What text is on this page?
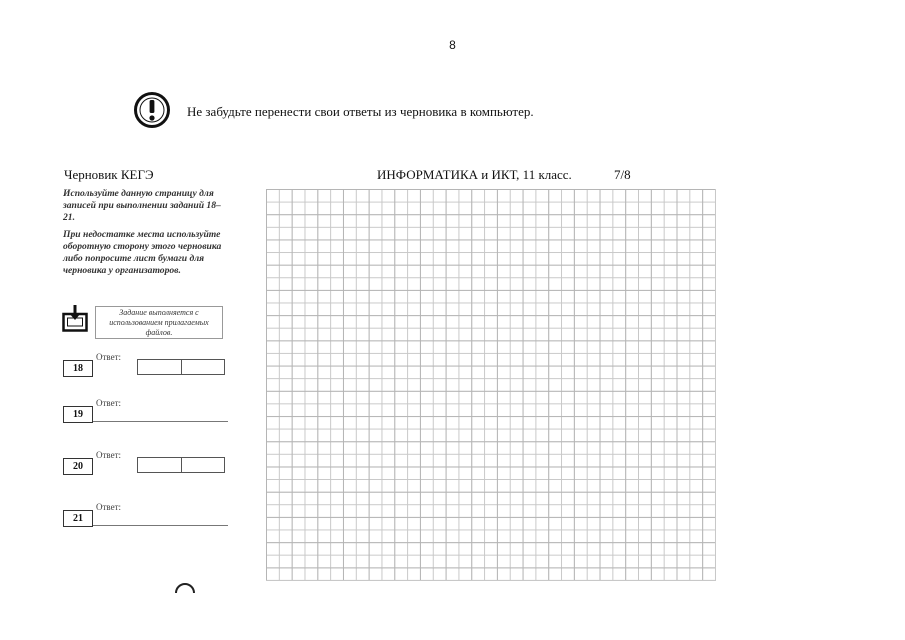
8
Не забудьте перенести свои ответы из черновика в компьютер.
Черновик КЕГЭ	ИНФОРМАТИКА и ИКТ, 11 класс.	7/8

Используйте данную страницу для записей при выполнении заданий 18–21.

При недостатке места используйте оборотную сторону этого черновика либо попросите лист бумаги для черновика у организаторов.

Задание выполняется с использованием прилагаемых файлов.
18
Ответ:
19
Ответ:
20
Ответ:
21
Ответ:
